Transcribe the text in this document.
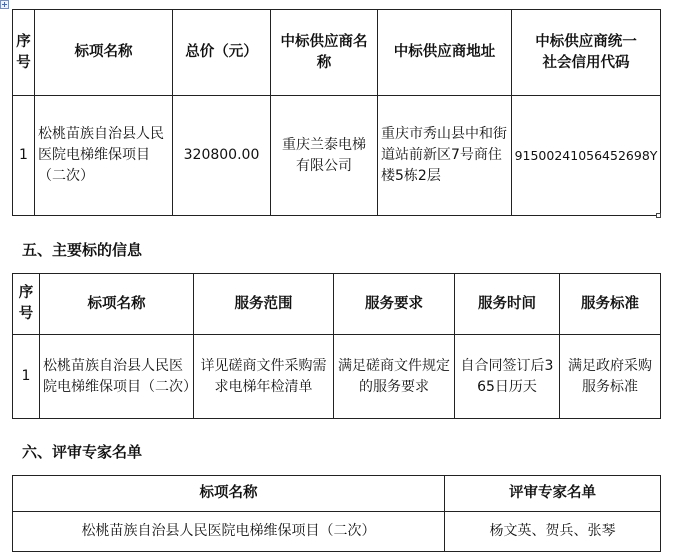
序号	标项名称	总价（元）	中标供应商名称	中标供应商地址	中标供应商统一社会信用代码
1	松桃苗族自治县人民医院电梯维保项目（二次）	320800.00	重庆兰泰电梯有限公司	重庆市秀山县中和街道站前新区7号商住楼5栋2层	91500241056452698Y
五、主要标的信息
序号	标项名称	服务范围	服务要求	服务时间	服务标准
1	松桃苗族自治县人民医院电梯维保项目（二次）	详见磋商文件采购需求电梯年检清单	满足磋商文件规定的服务要求	自合同签订后365日历天	满足政府采购服务标准
六、评审专家名单
标项名称	评审专家名单
松桃苗族自治县人民医院电梯维保项目（二次）	杨文英、贺兵、张琴
